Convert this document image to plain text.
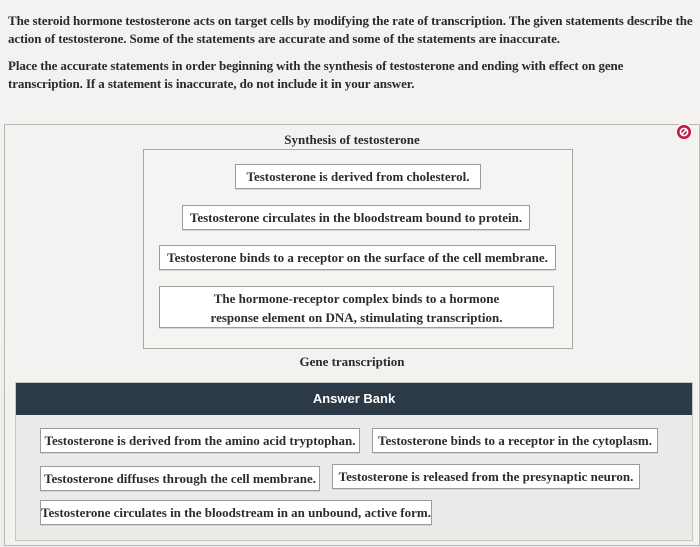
The steroid hormone testosterone acts on target cells by modifying the rate of transcription. The given statements describe the action of testosterone. Some of the statements are accurate and some of the statements are inaccurate.

Place the accurate statements in order beginning with the synthesis of testosterone and ending with effect on gene transcription. If a statement is inaccurate, do not include it in your answer.

Synthesis of testosterone
Testosterone is derived from cholesterol.
Testosterone circulates in the bloodstream bound to protein.
Testosterone binds to a receptor on the surface of the cell membrane.
The hormone-receptor complex binds to a hormone response element on DNA, stimulating transcription.
Gene transcription
Answer Bank
Testosterone is derived from the amino acid tryptophan.	Testosterone binds to a receptor in the cytoplasm.
Testosterone diffuses through the cell membrane.	Testosterone is released from the presynaptic neuron.
Testosterone circulates in the bloodstream in an unbound, active form.
